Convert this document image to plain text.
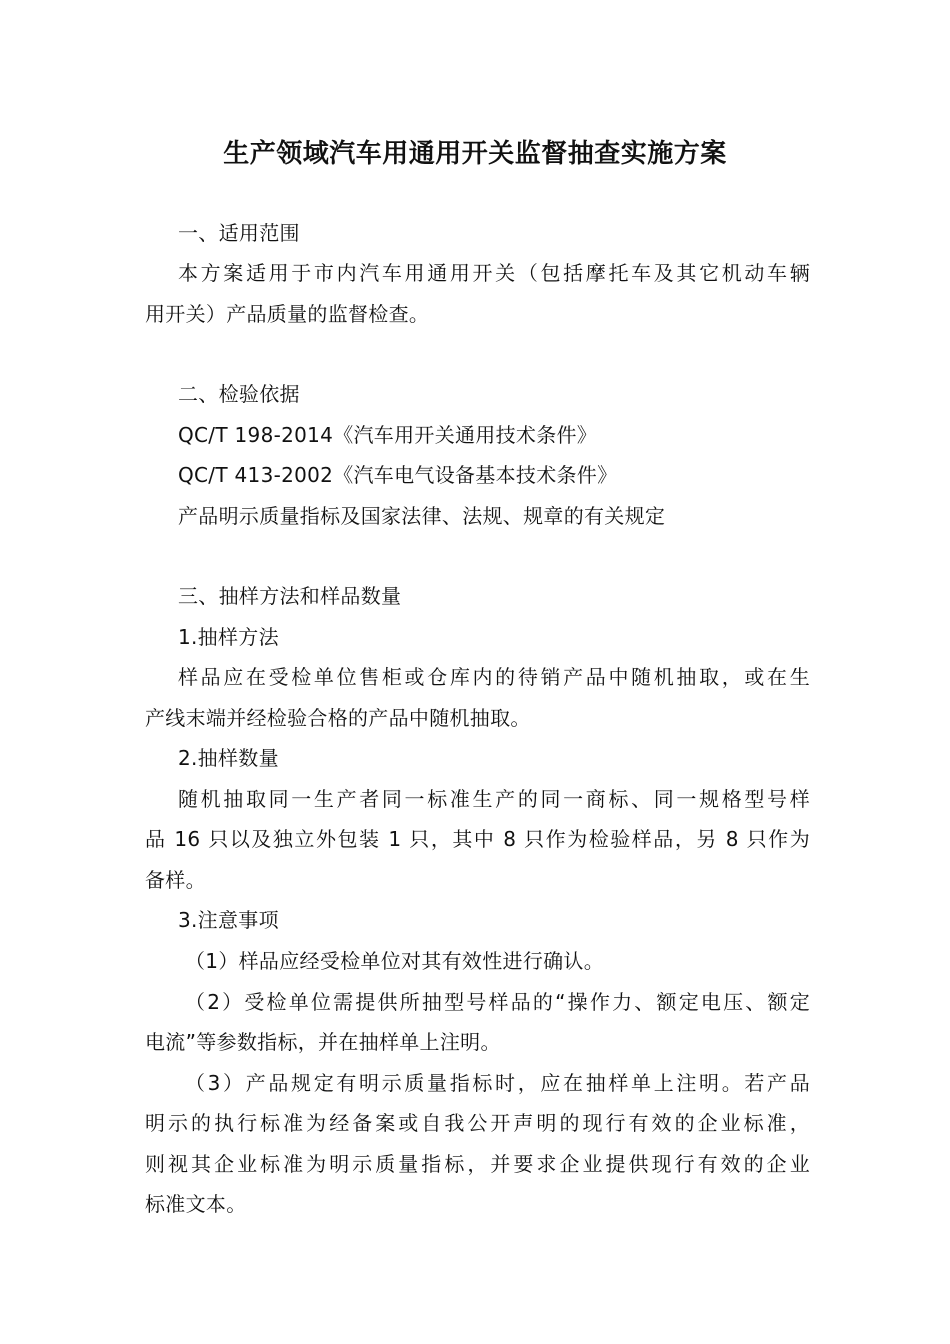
生产领域汽车用通用开关监督抽查实施方案
一、适用范围
本方案适用于市内汽车用通用开关（包括摩托车及其它机动车辆
用开关）产品质量的监督检查。
二、检验依据
QC/T 198-2014《汽车用开关通用技术条件》
QC/T 413-2002《汽车电气设备基本技术条件》
产品明示质量指标及国家法律、法规、规章的有关规定
三、抽样方法和样品数量
1.抽样方法
样品应在受检单位售柜或仓库内的待销产品中随机抽取，或在生
产线末端并经检验合格的产品中随机抽取。
2.抽样数量
随机抽取同一生产者同一标准生产的同一商标、同一规格型号样
品 16 只以及独立外包装 1 只，其中 8 只作为检验样品，另 8 只作为
备样。
3.注意事项
（1）样品应经受检单位对其有效性进行确认。
（2）受检单位需提供所抽型号样品的“操作力、额定电压、额定
电流”等参数指标，并在抽样单上注明。
（3）产品规定有明示质量指标时，应在抽样单上注明。若产品
明示的执行标准为经备案或自我公开声明的现行有效的企业标准，
则视其企业标准为明示质量指标，并要求企业提供现行有效的企业
标准文本。
